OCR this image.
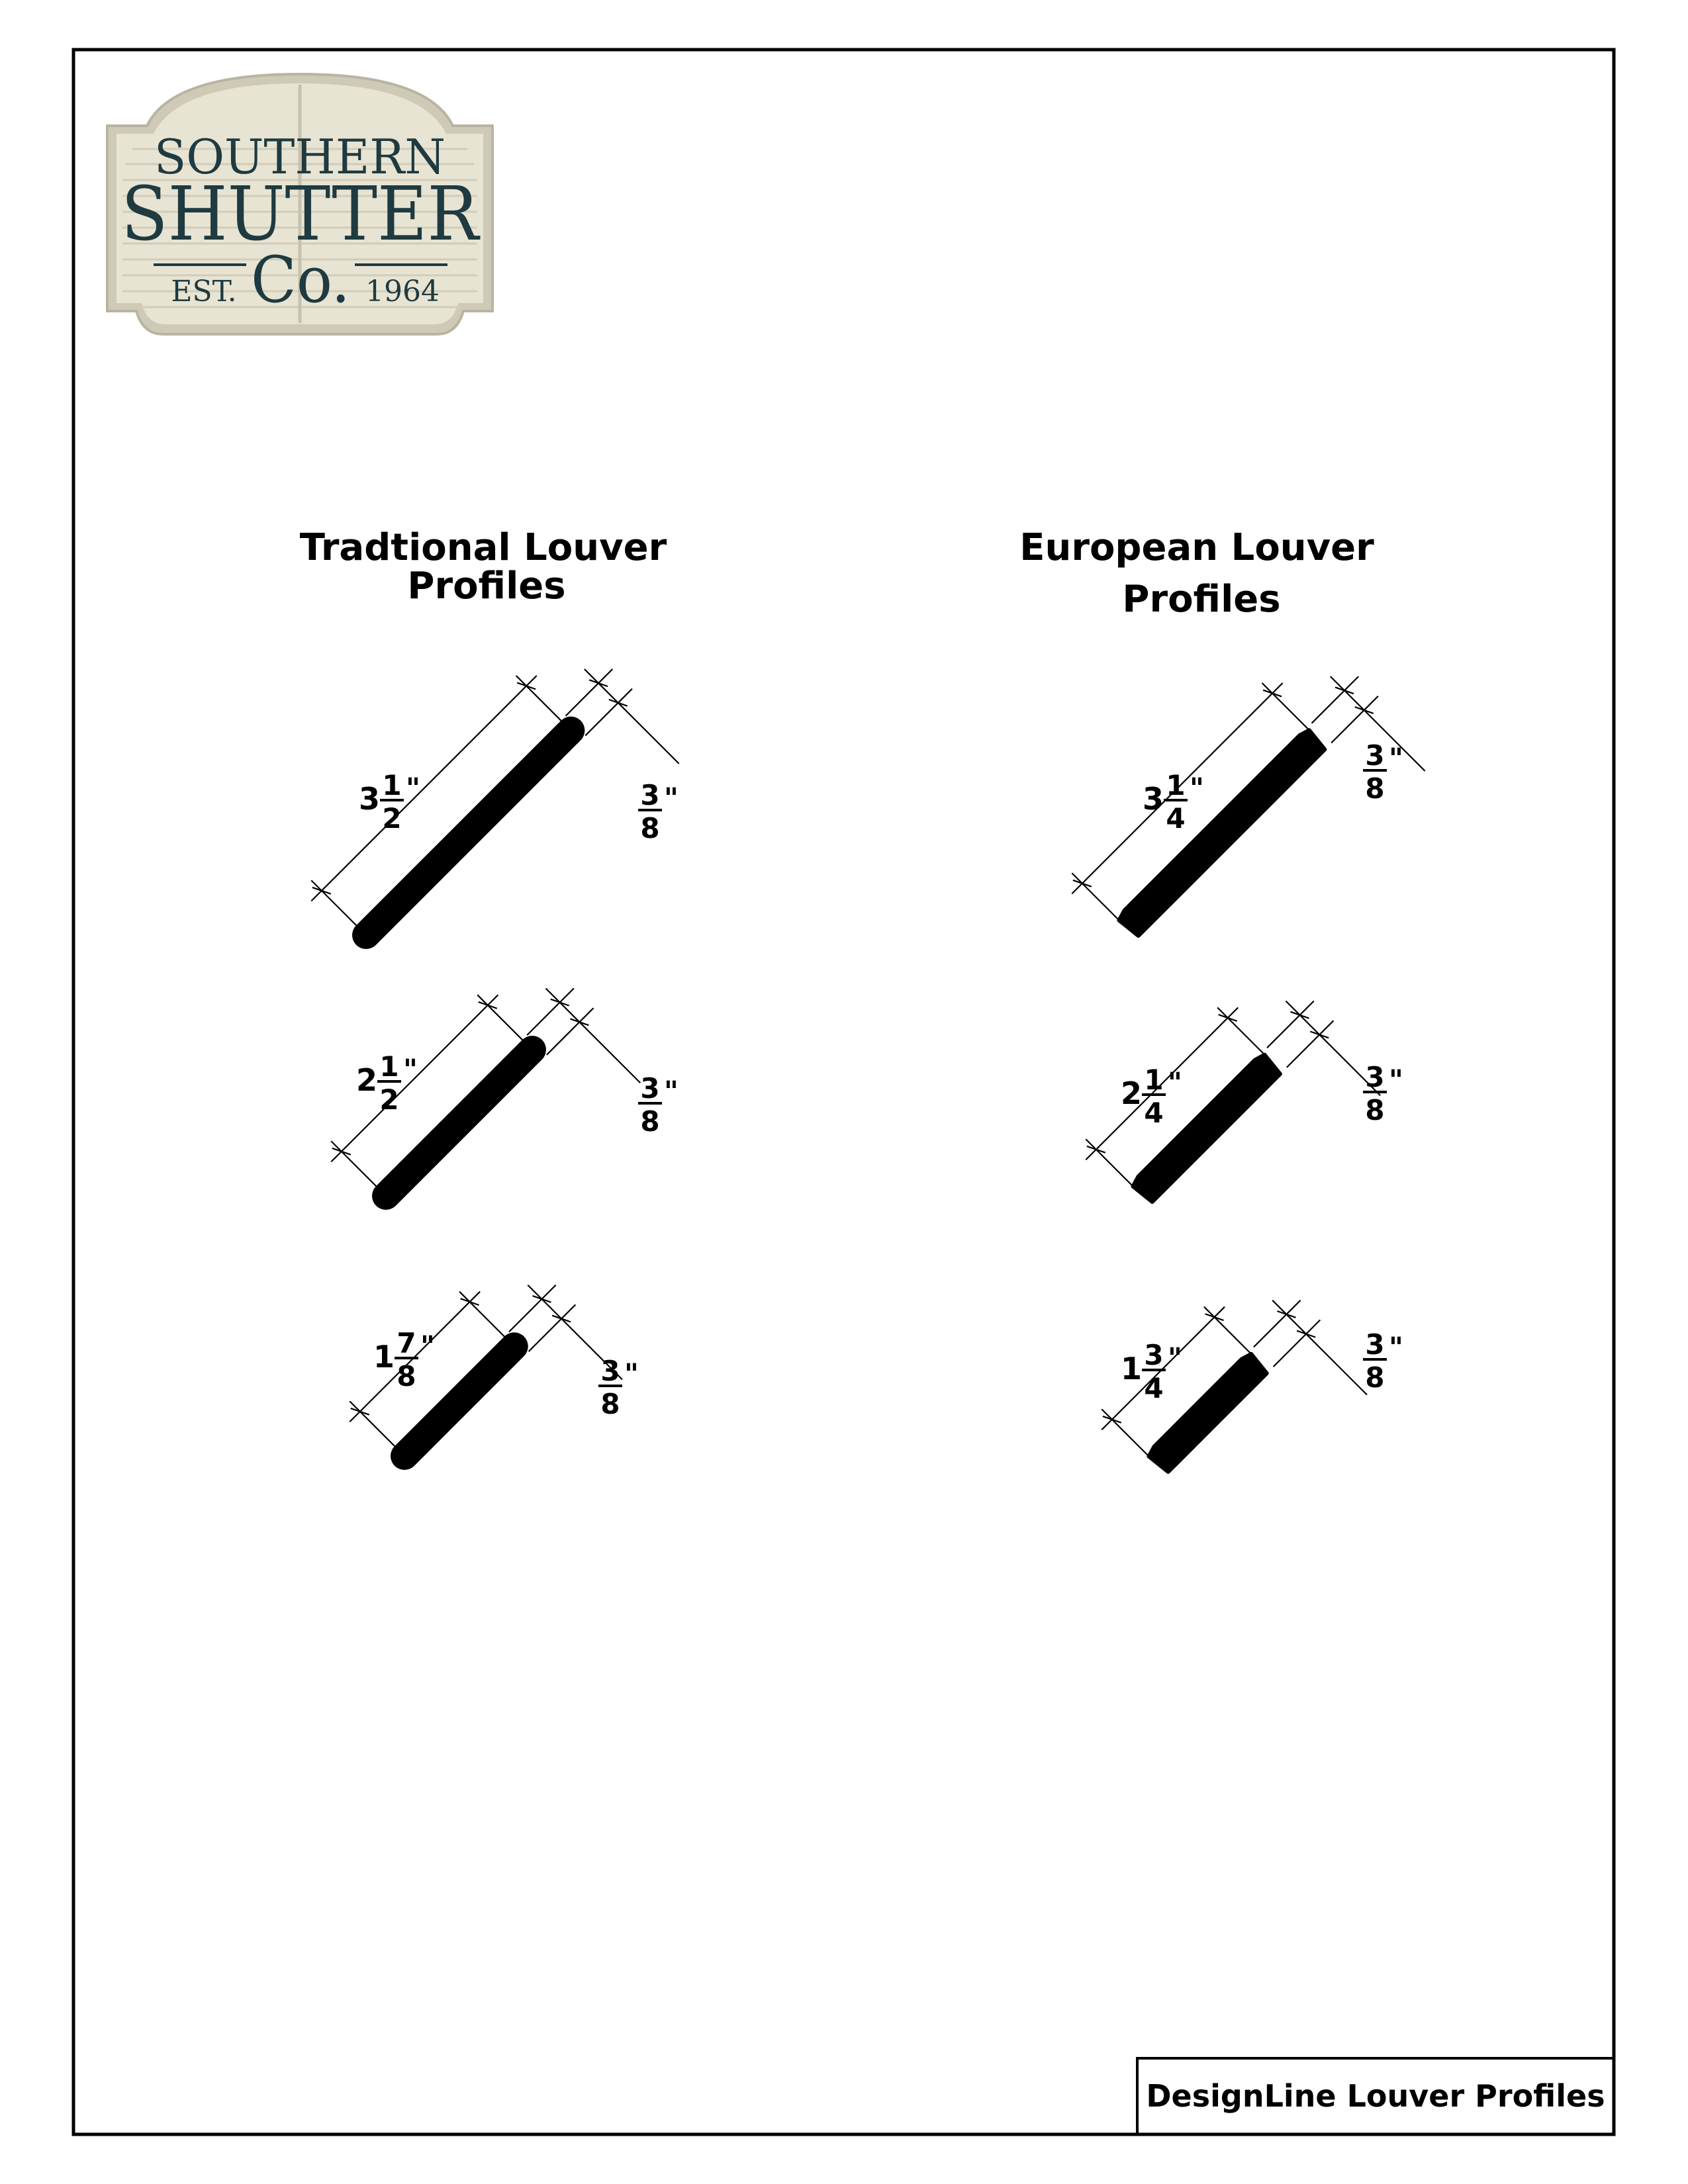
DesignLine Louver Profiles
SOUTHERN
SHUTTER
EST. Co. 1964
Tradtional Louver
Profiles
European Louver
Profiles
3 1
2
"	3
8
"
2 1
2
"
3
8
"
1 7
8
"
3
8
"
3 1
4
"
3
8
"
2 1
4
"	3
8
"
1 3
4
"	3
8
"
